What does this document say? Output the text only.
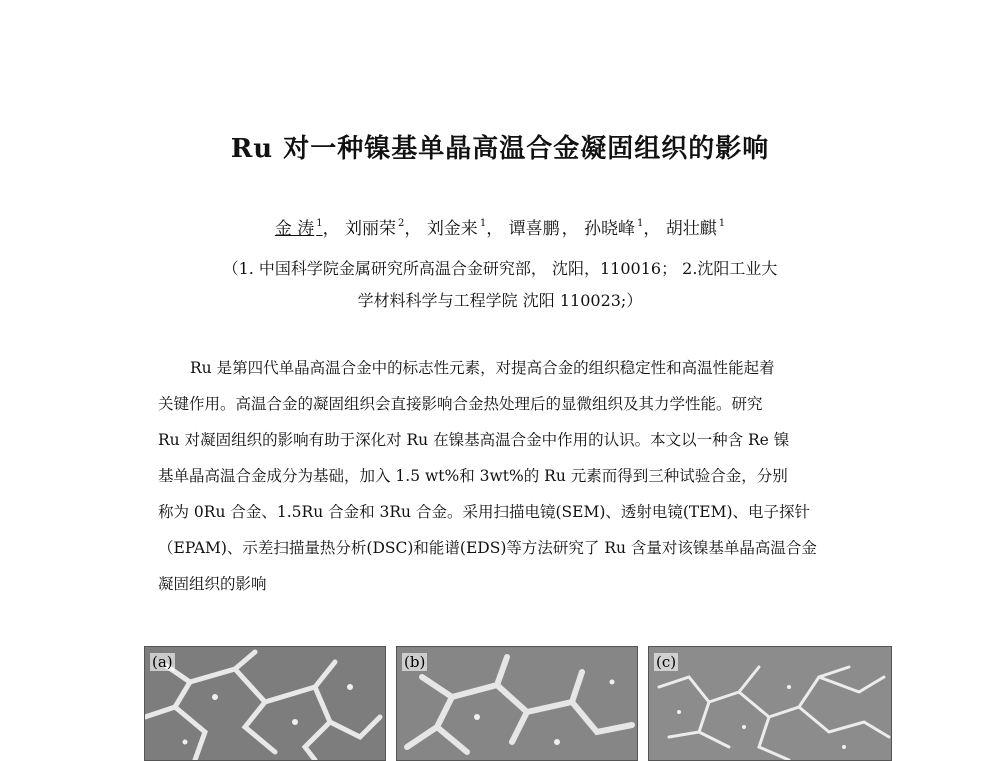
Ru 对一种镍基单晶高温合金凝固组织的影响
金 涛 $^1$， 刘丽荣 $^2$， 刘金来 $^1$， 谭喜鹏 ， 孙晓峰 $^1$， 胡壮麒 $^1$
（1. 中国科学院金属研究所高温合金研究部， 沈阳，110016； 2.沈阳工业大
学材料科学与工程学院 沈阳 110023;）
Ru 是第四代单晶高温合金中的标志性元素，对提高合金的组织稳定性和高温性能起着
关键作用。高温合金的凝固组织会直接影响合金热处理后的显微组织及其力学性能。研究
Ru 对凝固组织的影响有助于深化对 Ru 在镍基高温合金中作用的认识。本文以一种含 Re 镍
基单晶高温合金成分为基础，加入 1.5 wt%和 3wt%的 Ru 元素而得到三种试验合金，分别
称为 0Ru 合金、1.5Ru 合金和 3Ru 合金。采用扫描电镜(SEM)、透射电镜(TEM)、电子探针
（EPAM)、示差扫描量热分析(DSC)和能谱(EDS)等方法研究了 Ru 含量对该镍基单晶高温合金
凝固组织的影响
(a)	(b)	(c)
